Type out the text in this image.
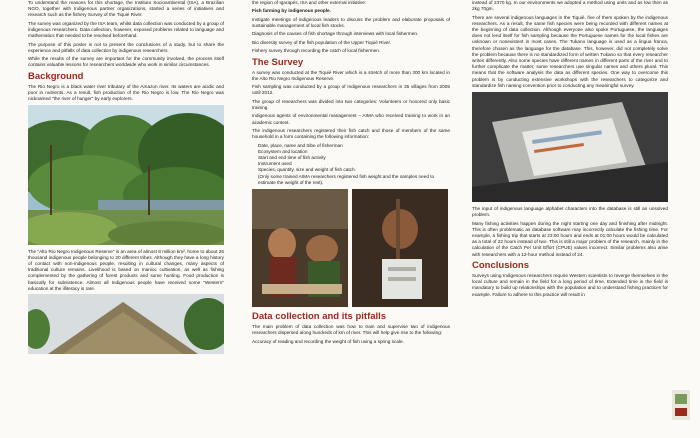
To understand the reasons for this shortage, the Instituto Socioambiental (ISA), a Brazilian NGO, together with Indigenous partner organizations, started a series of initiatives and research such as the fishery Survey of the Tiquié River.

The survey was organized by the ISA team, whilst data collection was conducted by a group of indigenous researchers. Data collection, however, exposed problems related to language and mathematics that needed to be resolved beforehand.

The purpose of this poster is not to present the conclusions of a study, but to share the experience and pitfalls of data collection by indigenous researchers.

While the results of the survey are important for the community involved, the process itself contains valuable lessons for researchers worldwide who work in similar circumstances.

Background

The Rio Negro is a black water river tributary of the Amazon river. Its waters are acidic and poor in nutrients. As a result, fish production of the Rio Negro is low. The Rio Negro was nicknamed "the river of hunger" by early explorers.

The "Alto Rio Negro Indigenous Reserve" is an area of almost 8 million km², home to about 26 thousand indigenous people belonging to 20 different tribes. Although they have a long history of contact with non-indigenous people, resulting in cultural changes, many aspects of traditional culture remains. Livelihood is based on manioc cultivation, as well as fishing complemented by the gathering of forest products and some hunting. Food production is basically for subsistence. Almost all Indigenous people have received some "Western" education at the illiteracy is rare.

the region of Igarapés, ISA and other external initiative:

Fish farming by indigenous people.

Instigate meetings of indigenous leaders to discuss the problem and elaborate proposals of sustainable management of local fish stocks.

Diagnosis of the causes of fish shortage through interviews with local fishermen.

Bio diversity survey of the fish population of the Upper Tiquié River.

Fishery survey through recording the catch of local fishermen.

The Survey

A survey was conducted at the Tiquié River which is a stretch of more than 300 km located in the Alto Rio Negro Indigenous Reserve.

Fish sampling was conducted by a group of Indigenous researchers in 35 villages from 2005 until 2012.

The group of researchers was divided into two categories: Volunteers or honored only basic training.

Indigenous agents of environmental management – AIMA who received training to work in an academic context.

The indigenous researchers registered their fish catch and those of members of the same household in a form containing the following information:

Date, place, name and tribe of fisherman
Ecosystem and location
Start and end time of fish activity
Instrument used
Species, quantity, size and weight of fish catch.
(Only some trained AIMA researchers registered fish weight and the samples need to estimate the weight of the rest).
Data collection and its pitfalls

The main problem of data collection was how to train and supervise two of indigenous researchers dispersed along hundreds of km of river. This will help give rise to the following:

Accuracy of reading and recording the weight of fish using a spring scale.

instead of 2370 kg. In our environments we adopted a method using units and as low then as 2kg 70gm.

There are several indigenous languages in the Tiquié, five of them spoken by the indigenous researchers. As a result, the same fish species were being recorded with different names at the beginning of data collection. Although everyone also spoke Portuguese, the languages does not lend itself for fish sampling because the Portuguese names for the local fishes are unknown or nonexistent in most cases. The Tukano language is used as a lingua franca, therefore chosen as the language for the database. This, however, did not completely solve the problem because there is no standardized form of written Tukano so that every researcher writes differently. Also some species have different names in different parts of the river and to further complicate the matter, some researchers use singular names and others plural. This means that the software analysis the data as different species. One way to overcome this problem is by conducting extensive workshops with the researchers to categorize and standardize fish naming convention prior to conducting any meaningful survey.

The input of indigenous language alphabet characters into the database is still an unsolved problem.

Many fishing activities happen during the night starting one day and finishing after midnight. This is often problematic as database software may incorrectly calculate the fishing time. For example, a fishing trip that starts at 23:00 hours and ends at 01:00 hours would be calculated as a total of 22 hours instead of two. This is still a major problem of the research, mainly in the calculation of the Catch Per Unit Effort (CPUE) values incorrect. Similar problems also arise with researchers with a 12-hour method instead of 24.

Conclusions

Surveys using Indigenous researchers require Western scientists to reverge themselves in the local culture and remain in the field for a long period of time. Extended time in the field is mandatory to build up relationships with the population and to understand fishing practices for example. Failure to adhere to this practice will result in
